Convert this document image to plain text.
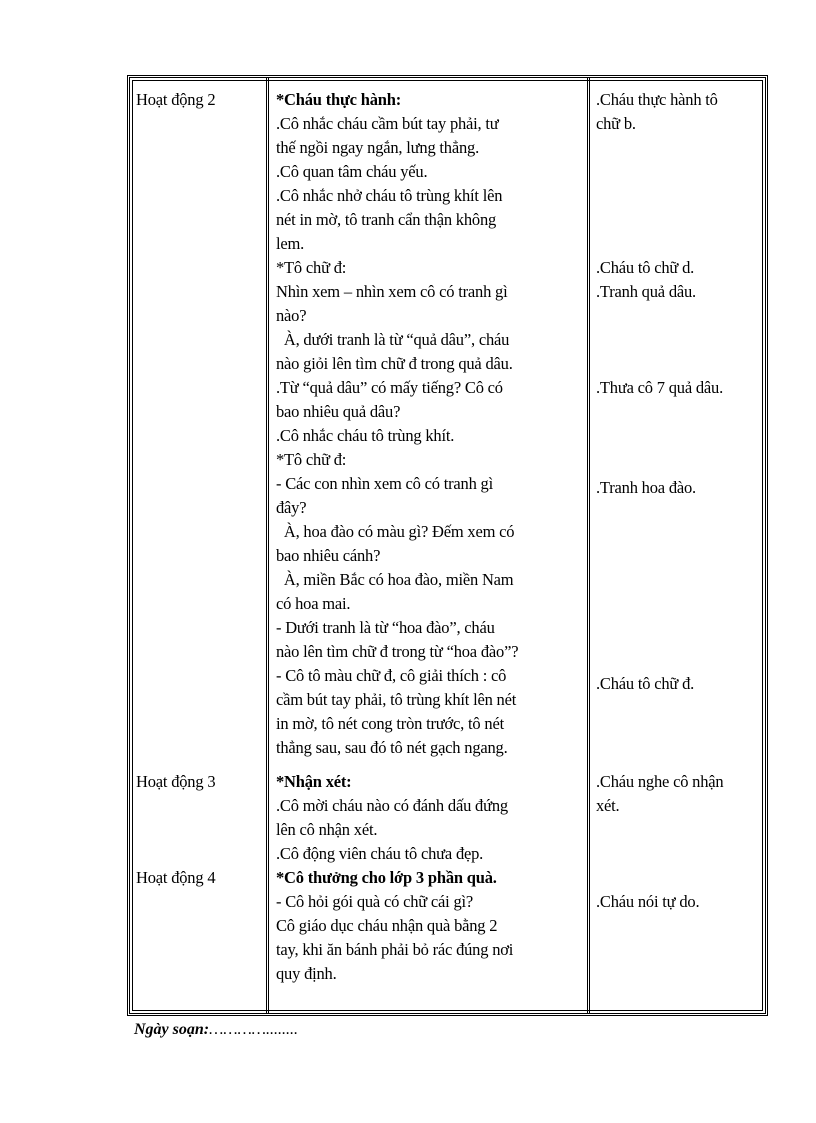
Hoạt động 2
Hoạt động 3
Hoạt động 4
*Cháu thực hành:
.Cô nhắc cháu cầm bút tay phải, tư
thế ngồi ngay ngắn, lưng thẳng.
.Cô quan tâm cháu yếu.
.Cô nhắc nhở cháu tô trùng khít lên
nét in mờ, tô tranh cẩn thận không
lem.
*Tô chữ đ:
Nhìn xem – nhìn xem cô có tranh gì
nào?
À, dưới tranh là từ “quả dâu”, cháu
nào giỏi lên tìm chữ đ trong quả dâu.
.Từ “quả dâu” có mấy tiếng? Cô có
bao nhiêu quả dâu?
.Cô nhắc cháu tô trùng khít.
*Tô chữ đ:
- Các con nhìn xem cô có tranh gì
đây?
À, hoa đào có màu gì? Đếm xem có
bao nhiêu cánh?
À, miền Bắc có hoa đào, miền Nam
có hoa mai.
- Dưới tranh là từ “hoa đào”, cháu
nào lên tìm chữ đ trong từ “hoa đào”?
- Cô tô màu chữ đ, cô giải thích : cô
cầm bút tay phải, tô trùng khít lên nét
in mờ, tô nét cong tròn trước, tô nét
thẳng sau, sau đó tô nét gạch ngang.
*Nhận xét:
.Cô mời cháu nào có đánh dấu đứng
lên cô nhận xét.
.Cô động viên cháu tô chưa đẹp.
*Cô thưởng cho lớp 3 phần quà.
- Cô hỏi gói quà có chữ cái gì?
Cô giáo dục cháu nhận quà bằng 2
tay, khi ăn bánh phải bỏ rác đúng nơi
quy định.
.Cháu thực hành tô
chữ b.
.Cháu tô chữ d.
.Tranh quả dâu.
.Thưa cô 7 quả dâu.
.Tranh hoa đào.
.Cháu tô chữ đ.
.Cháu nghe cô nhận
xét.
.Cháu nói tự do.
Ngày soạn:…………........
